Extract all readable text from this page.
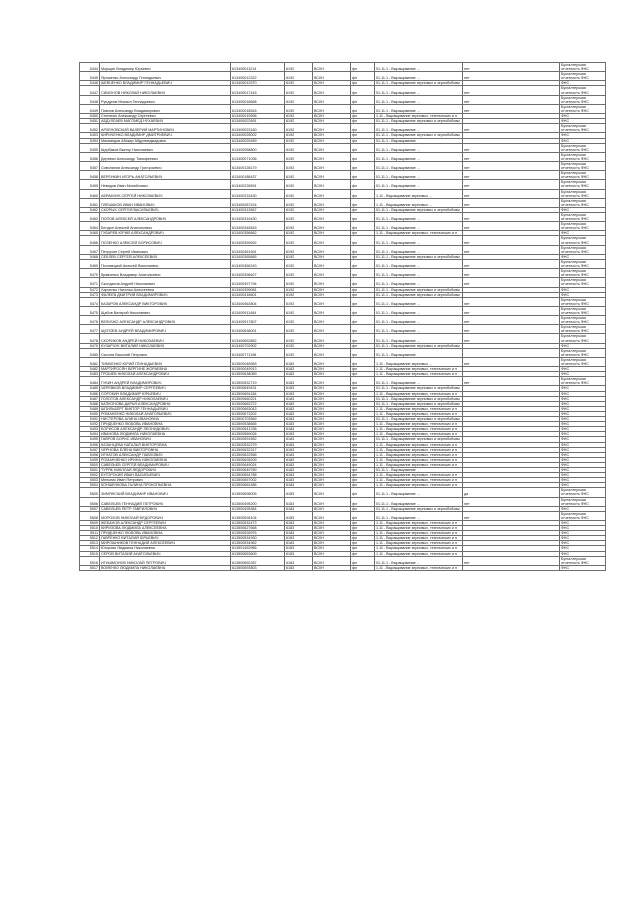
5444	Морщин Владимир Юрьевич	613400011214	6192	ВСХН	фл	01.11.1 - Выращивание ...	нет	Бухгалтерская отчетность ФНС
5445	Ярошенко Александр Геннадьевич	613400012322	6192	ВСХН	фл	01.11.1 - Выращивание ...	нет	Бухгалтерская отчетность ФНС
5446	ШЕВЧЕНКО ВЛАДИМИР ГЕННАДЬЕВИЧ	613400012570	6192	ВСХН	фл	01.11.1 - Выращивание зерновых и зернобобовы		ФНС
5447	СИМОНОВ НИКОЛАЙ НИКОЛАЕВИЧ	613400017415	6192	ВСХН	фл	01.11.1 - Выращивание ...	нет	Бухгалтерская отчетность ФНС
5448	Рундунов Михаил Геннадьевич	613400018668	6192	ВСХН	фл	01.11.1 - Выращивание ...	нет	Бухгалтерская отчетность ФНС
5449	Павлов Александр Владимирович	613400018516	6192	ВСХН	фл	01.11.1 - Выращивание ...	нет	Бухгалтерская отчетность ФНС
5450	Степенко Александр Сергеевич	613400019596	6192	ВСХН	фл	1.11 - Выращивание зерновых, технических и п		ФНС
5451	АБДУЛЛАЕВ МАГОМЕД НУХАЕВИЧ	613400022691	6192	ВСХН	фл	01.11.1 - Выращивание зерновых и зернобобовы		ФНС
5452	АРХЕНОВСКИЙ ВАЛЕРИЙ МАРТИНОВИЧ	613400023160	6192	ВСХН	фл	01.11.1 - Выращивание ...	нет	Бухгалтерская отчетность ФНС
5453	КИРИЧЕНКО ВЛАДИМИР ДМИТРИЕВИЧ	613400025002	6192	ВСХН	фл	01.11.1 - Выращивание зерновых и зернобобовы		ФНС
5454	Магамедов Абакар Абдулмеджидович	613400025459	6192	ВСХН	фл	01.11.1 - Выращивание		ФНС
5455	Щербаков Виктор Николаевич	613400058800	6192	ВСХН	фл	01.11.1 - Выращивание ...	нет	Бухгалтерская отчетность ФНС
5456	Деревян Александр Тимофеевич	613400071036	6192	ВСХН	фл	01.11.1 - Выращивание ...	нет	Бухгалтерская отчетность ФНС
5457	Сиволапов Александр Григорьевич	613400128179	6192	ВСХН	фл	01.11.1 - Выращивание ...	нет	Бухгалтерская отчетность ФНС
5458	ВЕРЕНКИН ИГОРЬ АНАТОЛЬЕВИЧ	613400188437	6192	ВСХН	фл	01.11.1 - Выращивание ...	нет	Бухгалтерская отчетность ФНС
5459	Невидов Иван Михайлович	613400226591	6192	ВСХН	фл	01.11.1 - Выращивание ...	нет	Бухгалтерская отчетность ФНС
5460	АБРАМЧУК СЕРГЕЙ НИКОЛАЕВИЧ	613400233430	6192	ВСХН	фл	1.11 - Выращивание зерновых ...	нет	Бухгалтерская отчетность ФНС
5461	ПЛЕШАКОВ ИВАН ИВАНОВИЧ	613400287424	6192	ВСХН	фл	1.11 - Выращивание зерновых ...	нет	Бухгалтерская отчетность ФНС
5462	СКОРЫХ СЕРГЕЙ ВАСИЛЬЕВИЧ	613400313567	6192	ВСХН	фл	01.11.1 - Выращивание зерновых и зернобобовы		ФНС
5463	ПОПОВ АЛЕКСЕЙ АЛЕКСАНДРОВИЧ	613400319430	6192	ВСХН	фл	01.11.1 - Выращивание ...	нет	Бухгалтерская отчетность ФНС
5464	Бендин Алексей Анатольевич	613400345815	6192	ВСХН	фл	01.11.1 - Выращивание ...	нет	Бухгалтерская отчетность ФНС
5465	ГУБАРЕВ ЮРИЙ АЛЕКСАНДРОВИЧ	613400356662	6192	ВСХН	фл	1.11 - Выращивание зерновых, технических и п		ФНС
5466	ПОЗЕНКО АЛЕКСЕЙ БОРИСОВИЧ	613400359592	6192	ВСХН	фл	01.11.1 - Выращивание ...	нет	Бухгалтерская отчетность ФНС
5467	Петрухин Сергей Иванович	613400361591	6192	ВСХН	фл	01.11.1 - Выращивание ...	нет	Бухгалтерская отчетность ФНС
5468	СЕБЛЕВ СЕРГЕЙ АЛЕКСЕЕВИЧ	613400365665	6192	ВСХН	фл	01.11.1 - Выращивание зерновых и зернобобовы		ФНС
5469	Половецкий Алексей Васильевич	613400366243	6192	ВСХН	фл	01.11.1 - Выращивание ...	нет	Бухгалтерская отчетность ФНС
5470	Кравченко Владимир Анатольевич	613400396627	6192	ВСХН	фл	01.11.1 - Выращивание ...	нет	Бухгалтерская отчетность ФНС
5471	Сколдасов Андрей Николаевич	613400397794	6192	ВСХН	фл	01.11.1 - Выращивание ...	нет	Бухгалтерская отчетность ФНС
5472	Харченко Наталья Алексеевна	613400399081	6192	ВСХН	фл	01.11.1 - Выращивание зерновых и зернобобовы		ФНС
5473	ФАЛЕЕВ ДМИТРИЙ ВЛАДИМИРОВИЧ	613400418601	6192	ВСХН	фл	01.11.1 - Выращивание зерновых и зернобобовы		ФНС
5474	КАЗАРОВ АЛЕКСАНДР ВИКТОРОВИЧ	613400463804	6192	ВСХН	фл	01.11.1 - Выращивание ...	нет	Бухгалтерская отчетность ФНС
5475	Щабов Валерий Николаевич	613400911464	6192	ВСХН	фл	01.11.1 - Выращивание ...	нет	Бухгалтерская отчетность ФНС
5476	ВЕЛИЧКО АЛЕКСАНДР АЛЕКСАНДРОВИЧ	613400917807	6192	ВСХН	фл	01.11.1 - Выращивание ...	нет	Бухгалтерская отчетность ФНС
5477	ЩЕПОЕВ АНДРЕЙ ВЛАДИМИРОВИЧ	613400638001	6192	ВСХН	фл	01.11.1 - Выращивание ...	нет	Бухгалтерская отчетность ФНС
5478	СКОРИКОВ АНДРЕЙ НИКОЛАЕВИЧ	613400652852	6192	ВСХН	фл	01.11.1 - Выращивание ...	нет	Бухгалтерская отчетность ФНС
5479	КУЗАРЧУК ВИТАЛИЙ НИКОЛАЕВИЧ	613400702902	6192	ВСХН	фл	01.11.1 - Выращивание зерновых и зернобобовы		ФНС
5480	Сысоев Василий Петрович	613400771198	6192	ВСХН	фл	01.11.1 - Выращивание		Бухгалтерская отчетность ФНС
5481	ТИМЧЕНКО ЮРИЙ ГЕННАДЬЕВИЧ	613500048983	6183	ВСХН	фл	1.11 - Выращивание зерновых ...	нет	Бухгалтерская отчетность ФНС
5482	МАРТИРОСЯН ВЕРГИНЕ ЖОРАЕВНА	613500049913	6183	ВСХН	фл	1.11 - Выращивание зерновых, технических и п		ФНС
5483	ГРОШЕВ НИКОЛАЙ АЛЕКСАНДРОВИЧ	613500638089	6183	ВСХН	фл	1.11 - Выращивание зерновых, технических и п		ФНС
5484	ГУБИН АНДРЕЙ ВЛАДИМИРОВИЧ	613500532719	6183	ВСХН	фл	01.11.1 - Выращивание ...	нет	Бухгалтерская отчетность ФНС
5485	ЧЕРЕВКОВ ВЛАДИМИР СЕРГЕЕВИЧ	613500649431	6183	ВСХН	фл	01.11.1 - Выращивание зерновых и зернобобовы		ФНС
5486	СОРОКИН ВЛАДИМИР ЮРЬЕВИЧ	613500654184	6183	ВСХН	фл	1.11 - Выращивание зерновых, технических и п		ФНС
5487	ГОЛОТОВ АЛЕКСАНДР НИКОЛАЕВИЧ	613500660221	6183	ВСХН	фл	01.11.1 - Выращивание зерновых и зернобобовы		ФНС
5488	КАПКОНОВА ДАРЬЯ АЛЕКСАНДРОВНА	613500662272	6183	ВСХН	фл	01.11.1 - Выращивание зерновых и зернобобовы		ФНС
5489	ШПИЛЬБЕРГ ВИКТОР ГЕННАДЬЕВИЧ	613500663043	6183	ВСХН	фл	1.11 - Выращивание зерновых, технических и п		ФНС
5490	РОМАНЕНКО НИКОЛАЙ АНАТОЛЬЕВИЧ	613500673202	6183	ВСХН	фл	1.11 - Выращивание зерновых, технических и п		ФНС
5491	НИСТЕРОВА АЛИНА ИВАНОВНА	613500703569	6183	ВСХН	фл	01.11.1 - Выращивание зерновых и зернобобовы		ФНС
5492	ПРИДЧЕНКО ЛЮБОВЬ ИВАНОВНА	613500538665	6183	ВСХН	фл	1.11 - Выращивание зерновых, технических и п		ФНС
5493	БОРИСОВ АЛЕКСАНДР ЛЕОНИДОВИЧ	613500541238	6183	ВСХН	фл	1.11 - Выращивание зерновых, технических и п		ФНС
5494	ИВАНОВА ЛЮДМИЛА НИКОЛАЕВНА	613500589026	6183	ВСХН	фл	1.11 - Выращивание зерновых, технических и п		ФНС
5495	ГАВРОВ БОРИС ИВАНОВИЧ	613500591552	6183	ВСХН	фл	01.11.1 - Выращивание зерновых и зернобобовы		ФНС
5496	КАЗАНЦЕВА НАТАЛЬЯ ВИКТОРОВНА	613500532279	6183	ВСХН	фл	1.11 - Выращивание зерновых, технических и п		ФНС
5497	ЧЕРНОВА ЕЛЕНА ВИКТОРОВНА	613500632317	6183	ВСХН	фл	1.11 - Выращивание зерновых, технических и п		ФНС
5498	ИГНАТОВ АЛЕКСАНДР ПАВЛОВИЧ	613500622556	6183	ВСХН	фл	1.11 - Выращивание зерновых, технических и п		ФНС
5499	РОМАНЧЕНКО ИРИНА НИКОЛАЕВНА	613500628209	6183	ВСХН	фл	1.11 - Выращивание зерновых, технических и п		ФНС
5500	САВЕЛЬЕВ СЕРГЕЙ ВЛАДИМИРОВИЧ	613500649024	6183	ВСХН	фл	1.11 - Выращивание зерновых, технических и п		ФНС
5501	ТУРЯК НИКОЛАЙ ФЕДОРОВИЧ	613500649789	6183	ВСХН	фл	01.11.1 - Выращивание		ФНС
5502	БУГОРСКИЙ ИВАН ВАСИЛЬЕВИЧ	613500654788	6183	ВСХН	фл	1.11 - Выращивание зерновых, технических и п		ФНС
5503	Мельник Иван Петрович	613500657002	6183	ВСХН	фл	1.11 - Выращивание зерновых, технических и п		ФНС
5504	КОНШЕНКОВА ГАЛИНА ПРОКОПЬЕВНА	613500662486	6183	ВСХН	фл	1.11 - Выращивание зерновых, технических и п		ФНС
5505	ЗИМЯНСКИЙ ВЛАДИМИР ИВАНОВИЧ	613500698005	6183	ВСХН	фл	01.11.1 - Выращивание ...	да	Бухгалтерская отчетность ФНС
5506	САВЕЛЬЕВ ГЕННАДИЙ ПЕТРОВИЧ	613500495200	6183	ВСХН	фл	01.11.1 - Выращивание ...	нет	Бухгалтерская отчетность ФНС
5507	САВЕЛЬЕВ ПЕТР ГАВРИЛОВИЧ	613500495384	6183	ВСХН	фл	01.11.1 - Выращивание зерновых и зернобобовы		ФНС
5508	МОРОЗОВ НИКОЛАЙ ФЕДОРОВИЧ	613500528104	6183	ВСХН	фл	01.11.1 - Выращивание ...	нет	Бухгалтерская отчетность ФНС
5509	ЖЕБАНОВ АЛЕКСАНДР СЕРГЕЕВИЧ	613500532473	6183	ВСХН	фл	1.11 - Выращивание зерновых, технических и п		ФНС
5510	КИРИЗОВА ЛЮДМИЛА АЛЕКСЕЕВНА	613500627668	6183	ВСХН	фл	1.11 - Выращивание зерновых, технических и п		ФНС
5511	ПРИДЧЕНКО ЛЮБОВЬ ИВАНОВНА	613500528976	6183	ВСХН	фл	1.11 - Выращивание зерновых, технических и п		ФНС
5512	ГАВРЕНКО ВИТАЛИЙ ЮРЬЕВИЧ	613500534930	6183	ВСХН	фл	1.11 - Выращивание зерновых, технических и п		ФНС
5513	МИРОШНИКОВ ГЕННАДИЙ АЛЕКСЕЕВИЧ	613500534962	6183	ВСХН	фл	1.11 - Выращивание зерновых, технических и п		ФНС
5514	Югорова Людмила Николаевна	613501452965	6183	ВСХН	фл	1.11 - Выращивание зерновых, технических и п		ФНС
5515	СЕРОВ ВИТАЛИЙ АНАТОЛЬЕВИЧ	613500653609	6183	ВСХН	фл	1.11 - Выращивание зерновых, технических и п		ФНС
5516	ИТИШМОНОВ НИКОЛАЙ ПЕТРОВИЧ	613500692287	6183	ВСХН	фл	01.11.1 - Выращивание ...	нет	Бухгалтерская отчетность ФНС
5517	ВОЙЕНКО ЛЮДМИЛА НИКОЛАЕВНА	613500693803	6183	ВСХН	фл	1.11 - Выращивание зерновых, технических и п		ФНС
